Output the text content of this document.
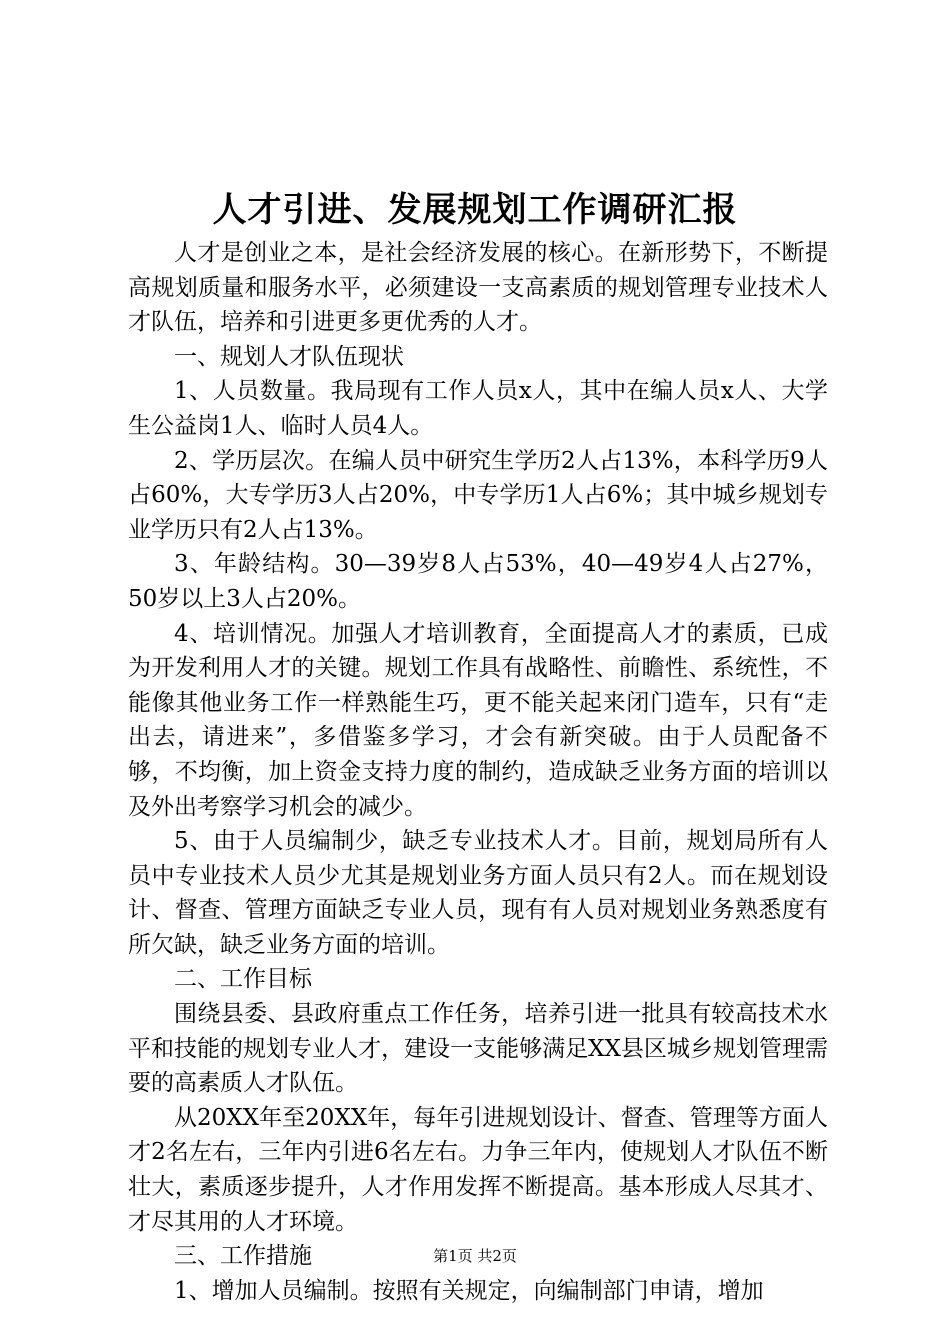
人才引进、发展规划工作调研汇报

人才是创业之本，是社会经济发展的核心。在新形势下，不断提高规划质量和服务水平，必须建设一支高素质的规划管理专业技术人才队伍，培养和引进更多更优秀的人才。

一、规划人才队伍现状

1、人员数量。我局现有工作人员x人，其中在编人员x人、大学生公益岗1人、临时人员4人。

2、学历层次。在编人员中研究生学历2人占13%，本科学历9人占60%，大专学历3人占20%，中专学历1人占6%；其中城乡规划专业学历只有2人占13%。

3、年龄结构。30—39岁8人占53%，40—49岁4人占27%，50岁以上3人占20%。

4、培训情况。加强人才培训教育，全面提高人才的素质，已成为开发利用人才的关键。规划工作具有战略性、前瞻性、系统性，不能像其他业务工作一样熟能生巧，更不能关起来闭门造车，只有“走出去，请进来”，多借鉴多学习，才会有新突破。由于人员配备不够，不均衡，加上资金支持力度的制约，造成缺乏业务方面的培训以及外出考察学习机会的减少。

5、由于人员编制少，缺乏专业技术人才。目前，规划局所有人员中专业技术人员少尤其是规划业务方面人员只有2人。而在规划设计、督查、管理方面缺乏专业人员，现有有人员对规划业务熟悉度有所欠缺，缺乏业务方面的培训。

二、工作目标

围绕县委、县政府重点工作任务，培养引进一批具有较高技术水平和技能的规划专业人才，建设一支能够满足XX县区城乡规划管理需要的高素质人才队伍。

从20XX年至20XX年，每年引进规划设计、督查、管理等方面人才2名左右，三年内引进6名左右。力争三年内，使规划人才队伍不断壮大，素质逐步提升，人才作用发挥不断提高。基本形成人尽其才、才尽其用的人才环境。

三、工作措施

1、增加人员编制。按照有关规定，向编制部门申请，增加

第1页 共2页
